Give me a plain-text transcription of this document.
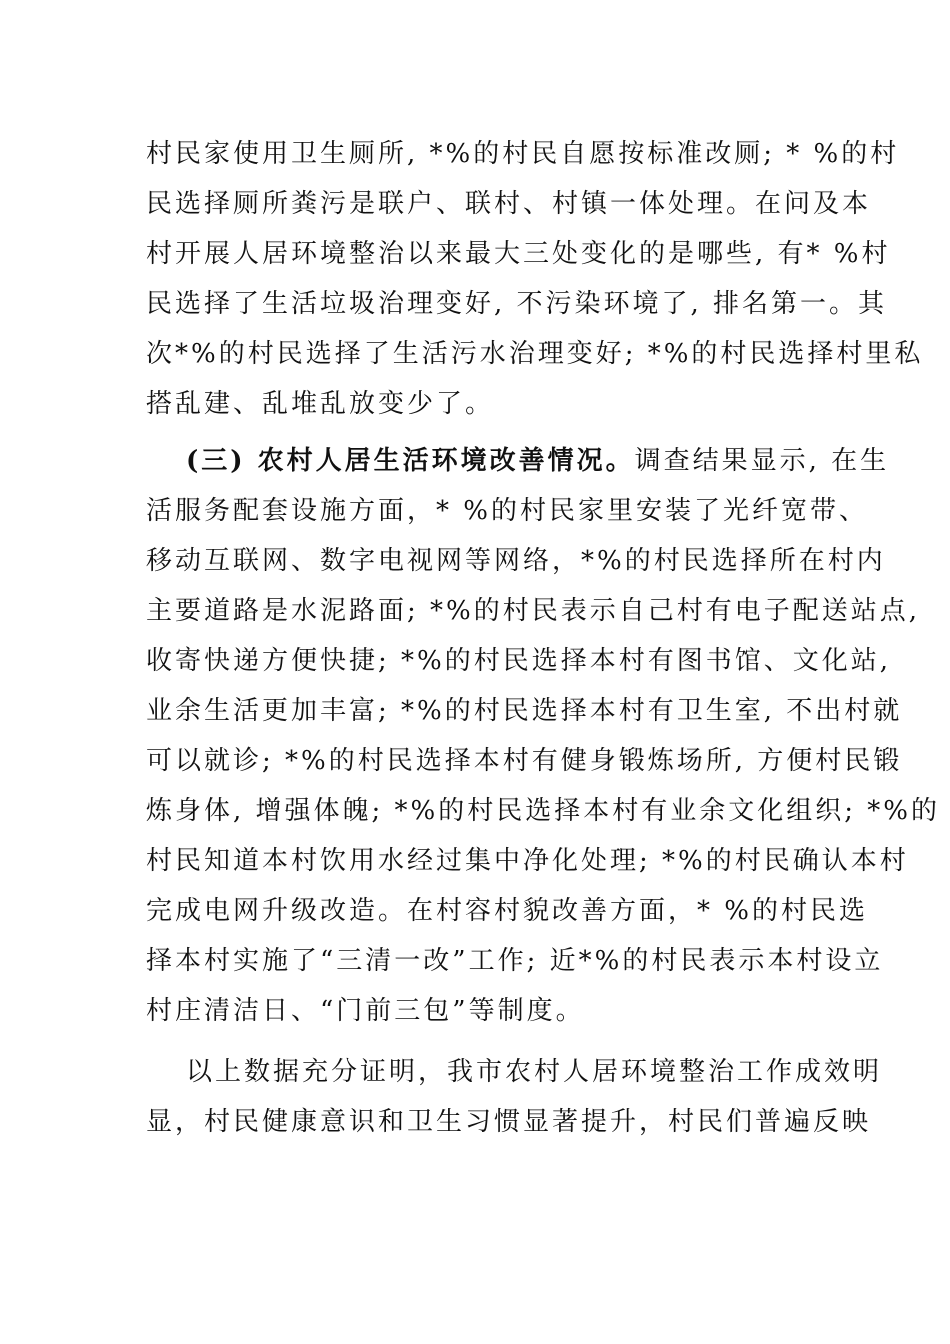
村民家使用卫生厕所, *%的村民自愿按标准改厕; * %的村
民选择厕所粪污是联户、联村、村镇一体处理。在问及本
村开展人居环境整治以来最大三处变化的是哪些, 有* %村
民选择了生活垃圾治理变好, 不污染环境了, 排名第一。其
次*%的村民选择了生活污水治理变好; *%的村民选择村里私
搭乱建、乱堆乱放变少了。
(三) 农村人居生活环境改善情况。调查结果显示, 在生
活服务配套设施方面，* %的村民家里安装了光纤宽带、
移动互联网、数字电视网等网络，*%的村民选择所在村内
主要道路是水泥路面; *%的村民表示自己村有电子配送站点,
收寄快递方便快捷; *%的村民选择本村有图书馆、文化站,
业余生活更加丰富; *%的村民选择本村有卫生室, 不出村就
可以就诊; *%的村民选择本村有健身锻炼场所, 方便村民锻
炼身体, 增强体魄; *%的村民选择本村有业余文化组织; *%的
村民知道本村饮用水经过集中净化处理; *%的村民确认本村
完成电网升级改造。在村容村貌改善方面，* %的村民选
择本村实施了“三清一改”工作; 近*%的村民表示本村设立
村庄清洁日、“门前三包”等制度。
以上数据充分证明，我市农村人居环境整治工作成效明
显，村民健康意识和卫生习惯显著提升，村民们普遍反映
